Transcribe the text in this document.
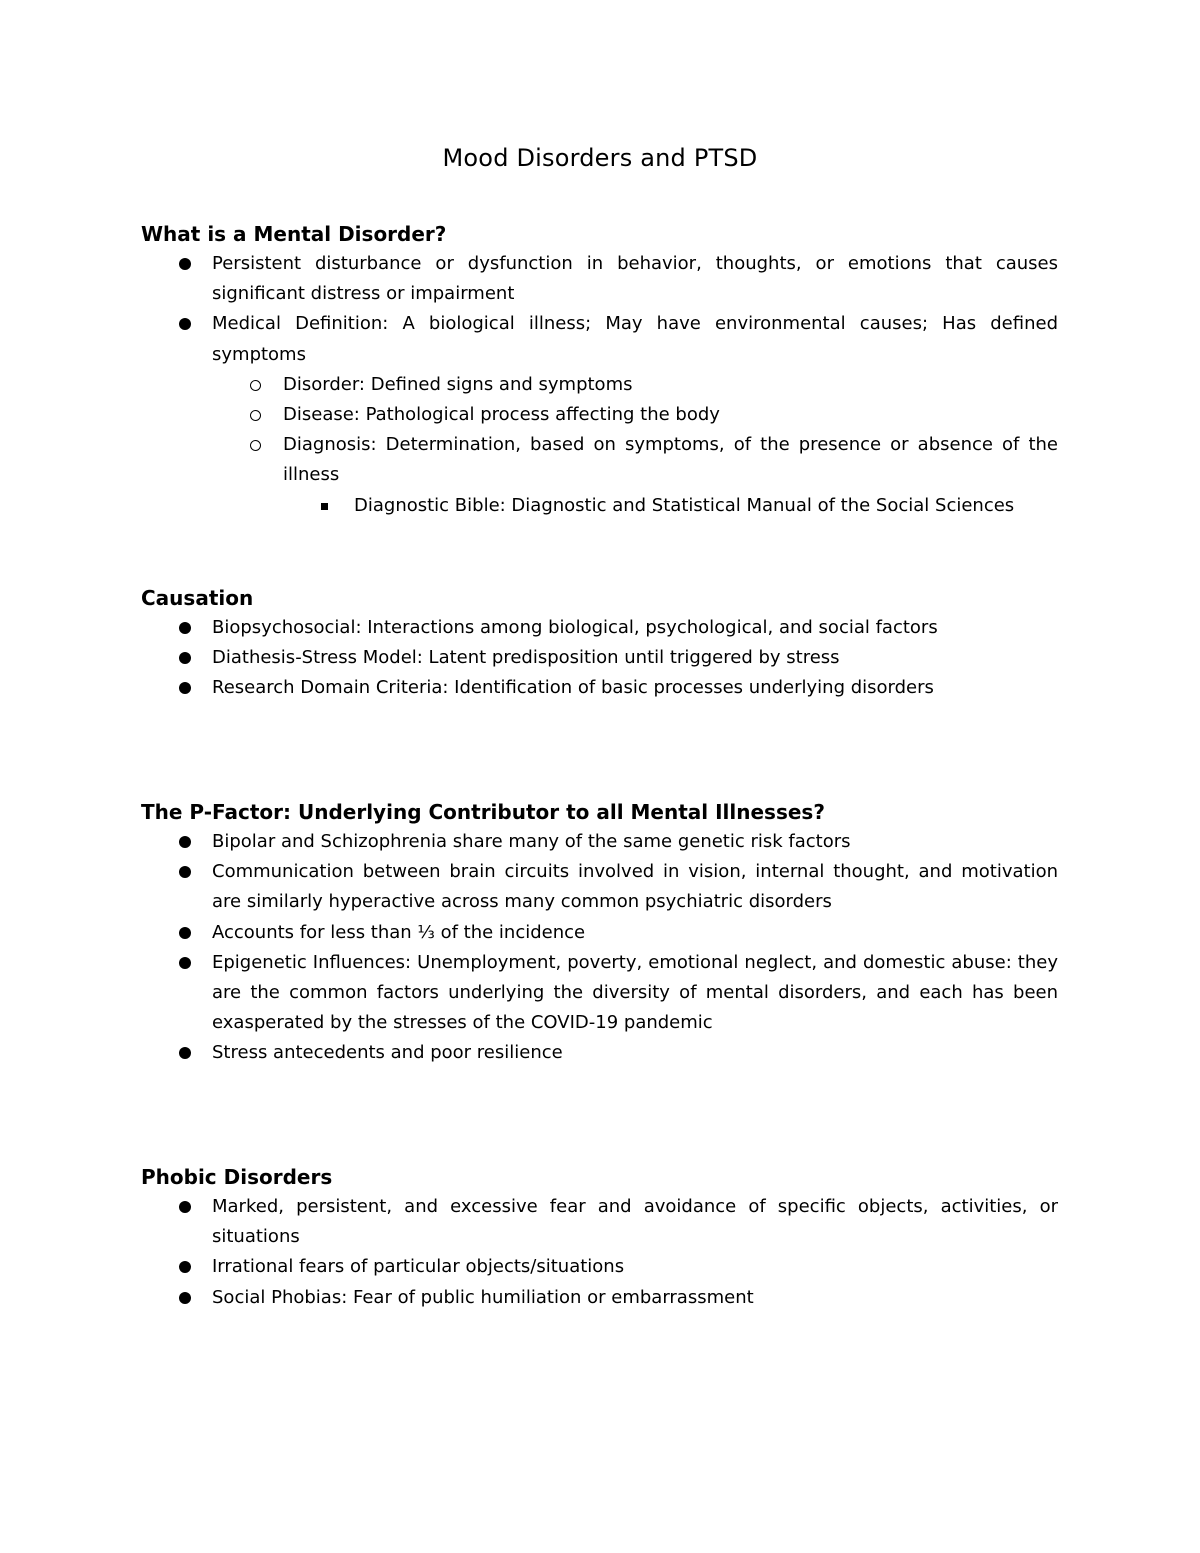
Mood Disorders and PTSD
What is a Mental Disorder?
Persistent disturbance or dysfunction in behavior, thoughts, or emotions that causes significant distress or impairment
Medical Definition: A biological illness; May have environmental causes; Has defined symptoms
Disorder: Defined signs and symptoms
Disease: Pathological process affecting the body
Diagnosis: Determination, based on symptoms, of the presence or absence of the illness
Diagnostic Bible: Diagnostic and Statistical Manual of the Social Sciences
Causation
Biopsychosocial: Interactions among biological, psychological, and social factors
Diathesis-Stress Model: Latent predisposition until triggered by stress
Research Domain Criteria: Identification of basic processes underlying disorders
The P-Factor: Underlying Contributor to all Mental Illnesses?
Bipolar and Schizophrenia share many of the same genetic risk factors
Communication between brain circuits involved in vision, internal thought, and motivation are similarly hyperactive across many common psychiatric disorders
Accounts for less than ⅓ of the incidence
Epigenetic Influences: Unemployment, poverty, emotional neglect, and domestic abuse: they are the common factors underlying the diversity of mental disorders, and each has been exasperated by the stresses of the COVID-19 pandemic
Stress antecedents and poor resilience
Phobic Disorders
Marked, persistent, and excessive fear and avoidance of specific objects, activities, or situations
Irrational fears of particular objects/situations
Social Phobias: Fear of public humiliation or embarrassment
